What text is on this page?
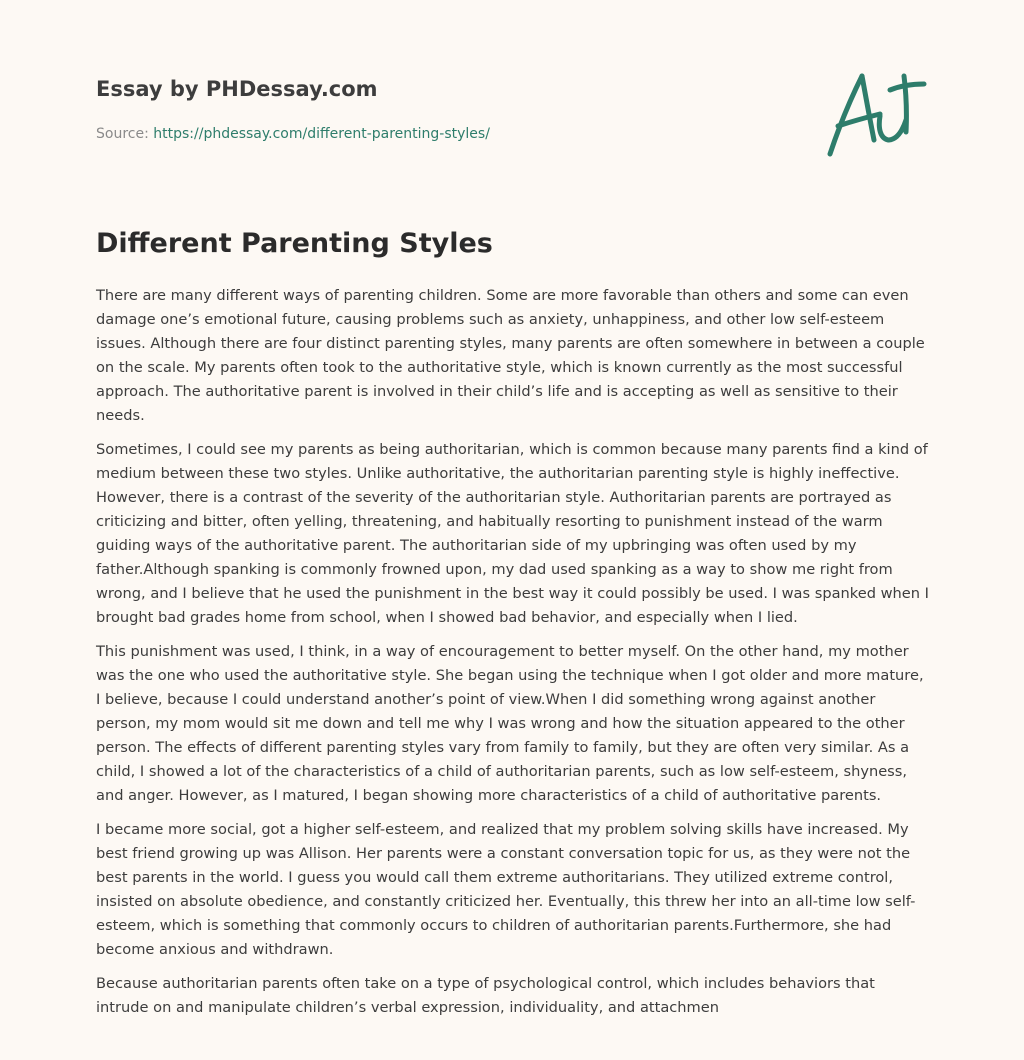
Essay by PHDessay.com
Source: https://phdessay.com/different-parenting-styles/
Different Parenting Styles

There are many different ways of parenting children. Some are more favorable than others and some can even damage one’s emotional future, causing problems such as anxiety, unhappiness, and other low self-esteem issues. Although there are four distinct parenting styles, many parents are often somewhere in between a couple on the scale. My parents often took to the authoritative style, which is known currently as the most successful approach. The authoritative parent is involved in their child’s life and is accepting as well as sensitive to their needs.

Sometimes, I could see my parents as being authoritarian, which is common because many parents find a kind of medium between these two styles. Unlike authoritative, the authoritarian parenting style is highly ineffective. However, there is a contrast of the severity of the authoritarian style. Authoritarian parents are portrayed as criticizing and bitter, often yelling, threatening, and habitually resorting to punishment instead of the warm guiding ways of the authoritative parent. The authoritarian side of my upbringing was often used by my father.Although spanking is commonly frowned upon, my dad used spanking as a way to show me right from wrong, and I believe that he used the punishment in the best way it could possibly be used. I was spanked when I brought bad grades home from school, when I showed bad behavior, and especially when I lied.

This punishment was used, I think, in a way of encouragement to better myself. On the other hand, my mother was the one who used the authoritative style. She began using the technique when I got older and more mature, I believe, because I could understand another’s point of view.When I did something wrong against another person, my mom would sit me down and tell me why I was wrong and how the situation appeared to the other person. The effects of different parenting styles vary from family to family, but they are often very similar. As a child, I showed a lot of the characteristics of a child of authoritarian parents, such as low self-esteem, shyness, and anger. However, as I matured, I began showing more characteristics of a child of authoritative parents.

I became more social, got a higher self-esteem, and realized that my problem solving skills have increased. My best friend growing up was Allison. Her parents were a constant conversation topic for us, as they were not the best parents in the world. I guess you would call them extreme authoritarians. They utilized extreme control, insisted on absolute obedience, and constantly criticized her. Eventually, this threw her into an all-time low self-esteem, which is something that commonly occurs to children of authoritarian parents.Furthermore, she had become anxious and withdrawn.

Because authoritarian parents often take on a type of psychological control, which includes behaviors that intrude on and manipulate children’s verbal expression, individuality, and attachmen
